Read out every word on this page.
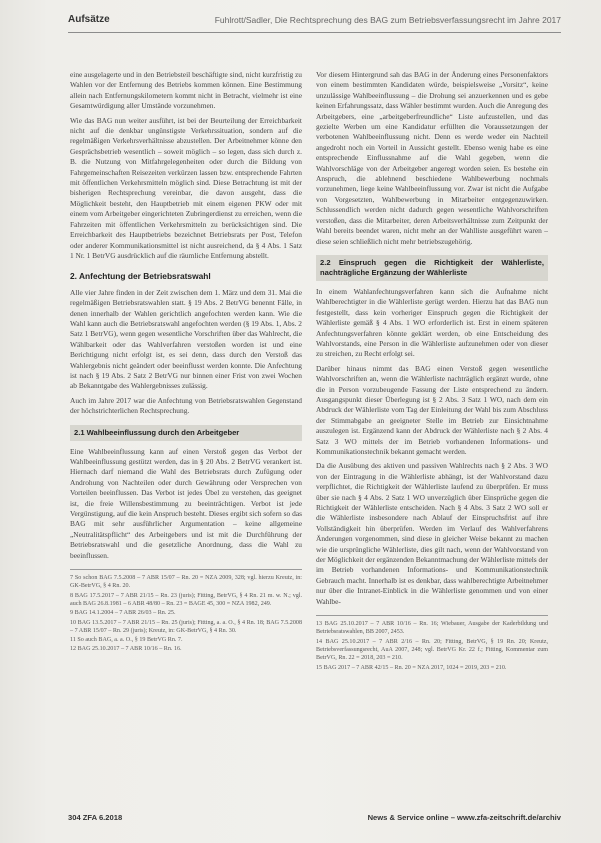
Aufsätze	Fuhlrott/Sadler, Die Rechtsprechung des BAG zum Betriebsverfassungsrecht im Jahre 2017

eine ausgelagerte und in den Betriebsteil beschäftigte sind, nicht kurzfristig zu Wahlen vor der Entfernung des Betriebs kommen können. Eine Bestimmung allein nach Entfernungskilometern kommt nicht in Betracht, vielmehr ist eine Gesamtwürdigung aller Umstände vorzunehmen.

Wie das BAG nun weiter ausführt, ist bei der Beurteilung der Erreichbarkeit nicht auf die denkbar ungünstigste Verkehrssituation, sondern auf die regelmäßigen Verkehrsverhältnisse abzustellen. Der Arbeitnehmer könne den Gesprächsbetrieb wesentlich – soweit möglich – so legen, dass sich durch z. B. die Nutzung von Mitfahrgelegenheiten oder durch die Bildung von Fahrgemeinschaften Reisezeiten verkürzen lassen bzw. entsprechende Fahrten mit öffentlichen Verkehrsmitteln möglich sind. Diese Betrachtung ist mit der bisherigen Rechtsprechung vereinbar, die davon ausgeht, dass die Möglichkeit besteht, den Hauptbetrieb mit einem eigenen PKW oder mit einem vom Arbeitgeber eingerichteten Zubringerdienst zu erreichen, wenn die Fahrzeiten mit öffentlichen Verkehrsmitteln zu berücksichtigen sind. Die Erreichbarkeit des Hauptbetriebs bezeichnet Betriebsrats per Post, Telefon oder anderer Kommunikationsmittel ist nicht ausreichend, da § 4 Abs. 1 Satz 1 Nr. 1 BetrVG ausdrücklich auf die räumliche Entfernung abstellt.

2. Anfechtung der Betriebsratswahl

Alle vier Jahre finden in der Zeit zwischen dem 1. März und dem 31. Mai die regelmäßigen Betriebsratswahlen statt. § 19 Abs. 2 BetrVG benennt Fälle, in denen innerhalb der Wahlen gerichtlich angefochten werden kann. Wie die Wahl kann auch die Betriebsratswahl angefochten werden (§ 19 Abs. 1, Abs. 2 Satz 1 BetrVG), wenn gegen wesentliche Vorschriften über das Wahlrecht, die Wählbarkeit oder das Wahlverfahren verstoßen worden ist und eine Berichtigung nicht erfolgt ist, es sei denn, dass durch den Verstoß das Wahlergebnis nicht geändert oder beeinflusst werden konnte. Die Anfechtung ist nach § 19 Abs. 2 Satz 2 BetrVG nur binnen einer Frist von zwei Wochen ab Bekanntgabe des Wahlergebnisses zulässig.

Auch im Jahre 2017 war die Anfechtung von Betriebsratswahlen Gegenstand der höchstrichterlichen Rechtsprechung.

2.1 Wahlbeeinflussung durch den Arbeitgeber

Eine Wahlbeeinflussung kann auf einen Verstoß gegen das Verbot der Wahlbeeinflussung gestützt werden, das in § 20 Abs. 2 BetrVG verankert ist. Hiernach darf niemand die Wahl des Betriebsrats durch Zufügung oder Androhung von Nachteilen oder durch Gewährung oder Versprechen von Vorteilen beeinflussen. Das Verbot ist jedes Übel zu verstehen, das geeignet ist, die freie Willensbestimmung zu beeinträchtigen. Verbot ist jede Vergünstigung, auf die kein Anspruch besteht. Dieses ergibt sich sofern so das BAG mit sehr ausführlicher Argumentation – keine allgemeine „Neutralitätspflicht“ des Arbeitgebers und ist mit die Durchführung der Betriebsratswahl und die gesetzliche Anordnung, dass die Wahl zu beeinflussen.

7 So schon BAG 7.5.2008 – 7 ABR 15/07 – Rn. 20 = NZA 2009, 328; vgl. hierzu Kreutz, in: GK-BetrVG, § 4 Rn. 20.

8 BAG 17.5.2017 – 7 ABR 21/15 – Rn. 23 (juris); Fitting, BetrVG, § 4 Rn. 21 m. w. N.; vgl. auch BAG 26.8.1981 – 6 ABR 48/80 – Rn. 23 = BAGE 45, 300 = NZA 1982, 249.

9 BAG 14.1.2004 – 7 ABR 26/03 – Rn. 25.

10 BAG 13.5.2017 – 7 ABR 21/15 – Rn. 25 (juris); Fitting, a. a. O., § 4 Rn. 18; BAG 7.5.2008 – 7 ABR 15/07 – Rn. 29 (juris); Kreutz, in: GK-BetrVG, § 4 Rn. 30.

11 So auch BAG, a. a. O., § 19 BetrVG Rn. 7.

12 BAG 25.10.2017 – 7 ABR 10/16 – Rn. 16.

Vor diesem Hintergrund sah das BAG in der Änderung eines Personenfaktors von einem bestimmten Kandidaten würde, beispielsweise „Vorsitz“, keine unzulässige Wahlbeeinflussung – die Drohung sei anzuerkennen und es gebe keinen Erfahrungssatz, dass Wähler bestimmt wurden. Auch die Anregung des Arbeitgebers, eine „arbeitgeberfreundliche“ Liste aufzustellen, und das gezielte Werben um eine Kandidatur erfüllten die Voraussetzungen der verbotenen Wahlbeeinflussung nicht. Denn es werde weder ein Nachteil angedroht noch ein Vorteil in Aussicht gestellt. Ebenso wenig habe es eine entsprechende Einflussnahme auf die Wahl gegeben, wenn die Wahlvorschläge von der Arbeitgeber angeregt worden seien. Es bestehe ein Anspruch, die ablehnend beschiedene Wahlbewerbung nochmals vorzunehmen, liege keine Wahlbeeinflussung vor. Zwar ist nicht die Aufgabe von Vorgesetzten, Wahlbewerbung in Mitarbeiter entgegenzuwirken. Schlussendlich werden nicht dadurch gegen wesentliche Wahlvorschriften verstoßen, dass die Mitarbeiter, deren Arbeitsverhältnisse zum Zeitpunkt der Wahl bereits beendet waren, nicht mehr an der Wahlliste ausgeführt waren – diese seien schließlich nicht mehr betriebszugehörig.

2.2 Einspruch gegen die Richtigkeit der Wählerliste, nachträgliche Ergänzung der Wählerliste

In einem Wahlanfechtungsverfahren kann sich die Aufnahme nicht Wahlberechtigter in die Wählerliste gerügt werden. Hierzu hat das BAG nun festgestellt, dass kein vorheriger Einspruch gegen die Richtigkeit der Wählerliste gemäß § 4 Abs. 1 WO erforderlich ist. Erst in einem späteren Anfechtungsverfahren könnte geklärt werden, ob eine Entscheidung des Wahlvorstands, eine Person in die Wählerliste aufzunehmen oder von dieser zu streichen, zu Recht erfolgt sei.

Darüber hinaus nimmt das BAG einen Verstoß gegen wesentliche Wahlvorschriften an, wenn die Wählerliste nachträglich ergänzt wurde, ohne die in Person vorzubeugende Fassung der Liste entsprechend zu ändern. Ausgangspunkt dieser Überlegung ist § 2 Abs. 3 Satz 1 WO, nach dem ein Abdruck der Wählerliste vom Tag der Einleitung der Wahl bis zum Abschluss der Stimmabgabe an geeigneter Stelle im Betrieb zur Einsichtnahme auszulegen ist. Ergänzend kann der Abdruck der Wählerliste nach § 2 Abs. 4 Satz 3 WO mittels der im Betrieb vorhandenen Informations- und Kommunikationstechnik bekannt gemacht werden.

Da die Ausübung des aktiven und passiven Wahlrechts nach § 2 Abs. 3 WO von der Eintragung in die Wählerliste abhängt, ist der Wahlvorstand dazu verpflichtet, die Richtigkeit der Wählerliste laufend zu überprüfen. Er muss über sie nach § 4 Abs. 2 Satz 1 WO unverzüglich über Einsprüche gegen die Richtigkeit der Wählerliste entscheiden. Nach § 4 Abs. 3 Satz 2 WO soll er die Wählerliste insbesondere nach Ablauf der Einspruchsfrist auf ihre Vollständigkeit hin überprüfen. Werden im Verlauf des Wahlverfahrens Änderungen vorgenommen, sind diese in gleicher Weise bekannt zu machen wie die ursprüngliche Wählerliste, dies gilt nach, wenn der Wahlvorstand von der Möglichkeit der ergänzenden Bekanntmachung der Wählerliste mittels der im Betrieb vorhandenen Informations- und Kommunikationstechnik Gebrauch macht. Innerhalb ist es denkbar, dass wahlberechtigte Arbeitnehmer nur über die Intranet-Einblick in die Wählerliste genommen und von einer Wahlbe-

13 BAG 25.10.2017 – 7 ABR 10/16 – Rn. 16; Wiebauer, Ausgabe der Kaderbildung und Betriebsratswahlen, BB 2007, 2453.

14 BAG 25.10.2017 – 7 ABR 2/16 – Rn. 20; Fitting, BetrVG, § 19 Rn. 20; Kreutz, Betriebsverfassungsrecht, AuA 2007, 248; vgl. BetrVG Kr. 22 f.; Fitting, Kommentar zum BetrVG, Rn. 22 = 2018, 203 = 210.

15 BAG 2017 – 7 ABR 42/15 – Rn. 20 = NZA 2017, 1024 = 2019, 203 = 210.

304 ZFA 6.2018	News & Service online – www.zfa-zeitschrift.de/archiv
